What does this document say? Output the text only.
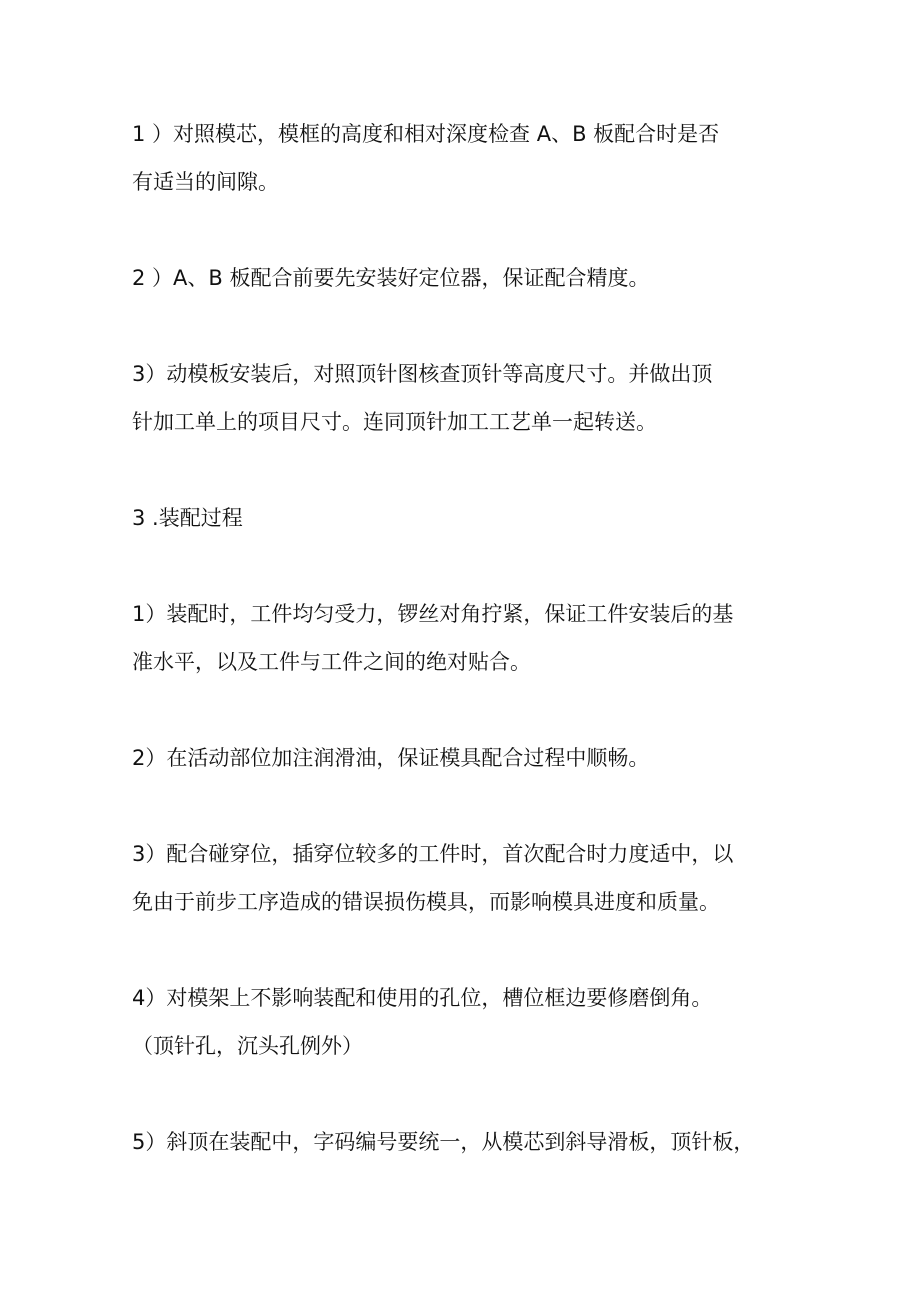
1 ）对照模芯，模框的高度和相对深度检查 A、B 板配合时是否
有适当的间隙。
2 ）A、B 板配合前要先安装好定位器，保证配合精度。
3）动模板安装后，对照顶针图核查顶针等高度尺寸。并做出顶
针加工单上的项目尺寸。连同顶针加工工艺单一起转送。
3 .装配过程
1）装配时，工件均匀受力，锣丝对角拧紧，保证工件安装后的基
准水平，以及工件与工件之间的绝对贴合。
2）在活动部位加注润滑油，保证模具配合过程中顺畅。
3）配合碰穿位，插穿位较多的工件时，首次配合时力度适中，以
免由于前步工序造成的错误损伤模具，而影响模具进度和质量。
4）对模架上不影响装配和使用的孔位，槽位框边要修磨倒角。
（顶针孔，沉头孔例外）
5）斜顶在装配中，字码编号要统一，从模芯到斜导滑板，顶针板，
